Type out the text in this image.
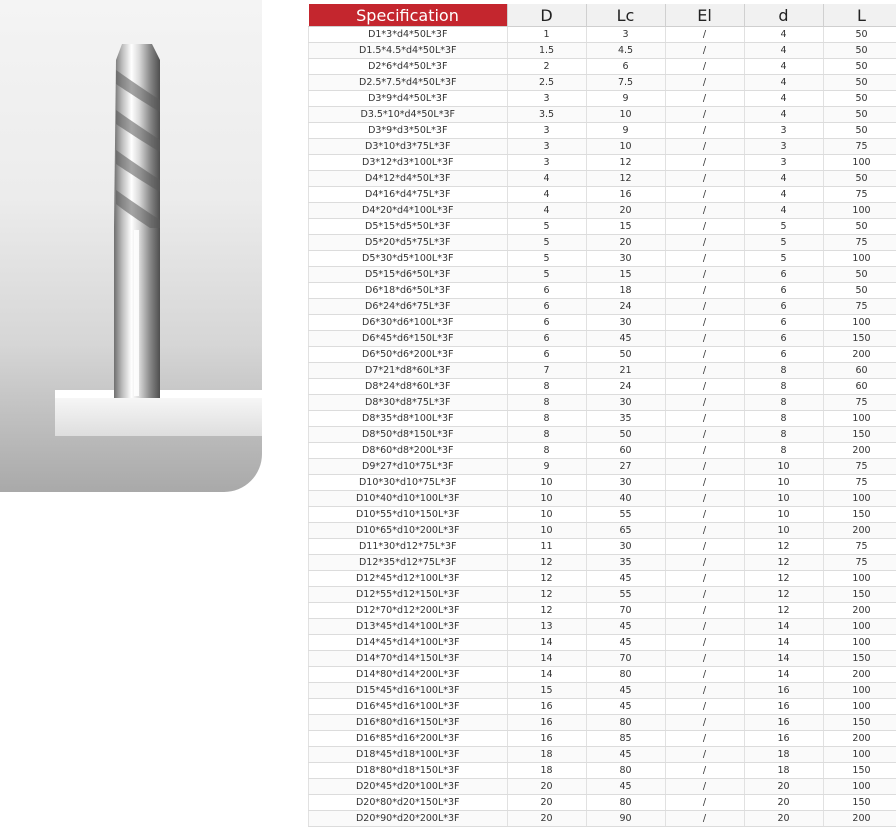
Specification	D	Lc	El	d	L
D1*3*d4*50L*3F	1	3	/	4	50
D1.5*4.5*d4*50L*3F	1.5	4.5	/	4	50
D2*6*d4*50L*3F	2	6	/	4	50
D2.5*7.5*d4*50L*3F	2.5	7.5	/	4	50
D3*9*d4*50L*3F	3	9	/	4	50
D3.5*10*d4*50L*3F	3.5	10	/	4	50
D3*9*d3*50L*3F	3	9	/	3	50
D3*10*d3*75L*3F	3	10	/	3	75
D3*12*d3*100L*3F	3	12	/	3	100
D4*12*d4*50L*3F	4	12	/	4	50
D4*16*d4*75L*3F	4	16	/	4	75
D4*20*d4*100L*3F	4	20	/	4	100
D5*15*d5*50L*3F	5	15	/	5	50
D5*20*d5*75L*3F	5	20	/	5	75
D5*30*d5*100L*3F	5	30	/	5	100
D5*15*d6*50L*3F	5	15	/	6	50
D6*18*d6*50L*3F	6	18	/	6	50
D6*24*d6*75L*3F	6	24	/	6	75
D6*30*d6*100L*3F	6	30	/	6	100
D6*45*d6*150L*3F	6	45	/	6	150
D6*50*d6*200L*3F	6	50	/	6	200
D7*21*d8*60L*3F	7	21	/	8	60
D8*24*d8*60L*3F	8	24	/	8	60
D8*30*d8*75L*3F	8	30	/	8	75
D8*35*d8*100L*3F	8	35	/	8	100
D8*50*d8*150L*3F	8	50	/	8	150
D8*60*d8*200L*3F	8	60	/	8	200
D9*27*d10*75L*3F	9	27	/	10	75
D10*30*d10*75L*3F	10	30	/	10	75
D10*40*d10*100L*3F	10	40	/	10	100
D10*55*d10*150L*3F	10	55	/	10	150
D10*65*d10*200L*3F	10	65	/	10	200
D11*30*d12*75L*3F	11	30	/	12	75
D12*35*d12*75L*3F	12	35	/	12	75
D12*45*d12*100L*3F	12	45	/	12	100
D12*55*d12*150L*3F	12	55	/	12	150
D12*70*d12*200L*3F	12	70	/	12	200
D13*45*d14*100L*3F	13	45	/	14	100
D14*45*d14*100L*3F	14	45	/	14	100
D14*70*d14*150L*3F	14	70	/	14	150
D14*80*d14*200L*3F	14	80	/	14	200
D15*45*d16*100L*3F	15	45	/	16	100
D16*45*d16*100L*3F	16	45	/	16	100
D16*80*d16*150L*3F	16	80	/	16	150
D16*85*d16*200L*3F	16	85	/	16	200
D18*45*d18*100L*3F	18	45	/	18	100
D18*80*d18*150L*3F	18	80	/	18	150
D20*45*d20*100L*3F	20	45	/	20	100
D20*80*d20*150L*3F	20	80	/	20	150
D20*90*d20*200L*3F	20	90	/	20	200
